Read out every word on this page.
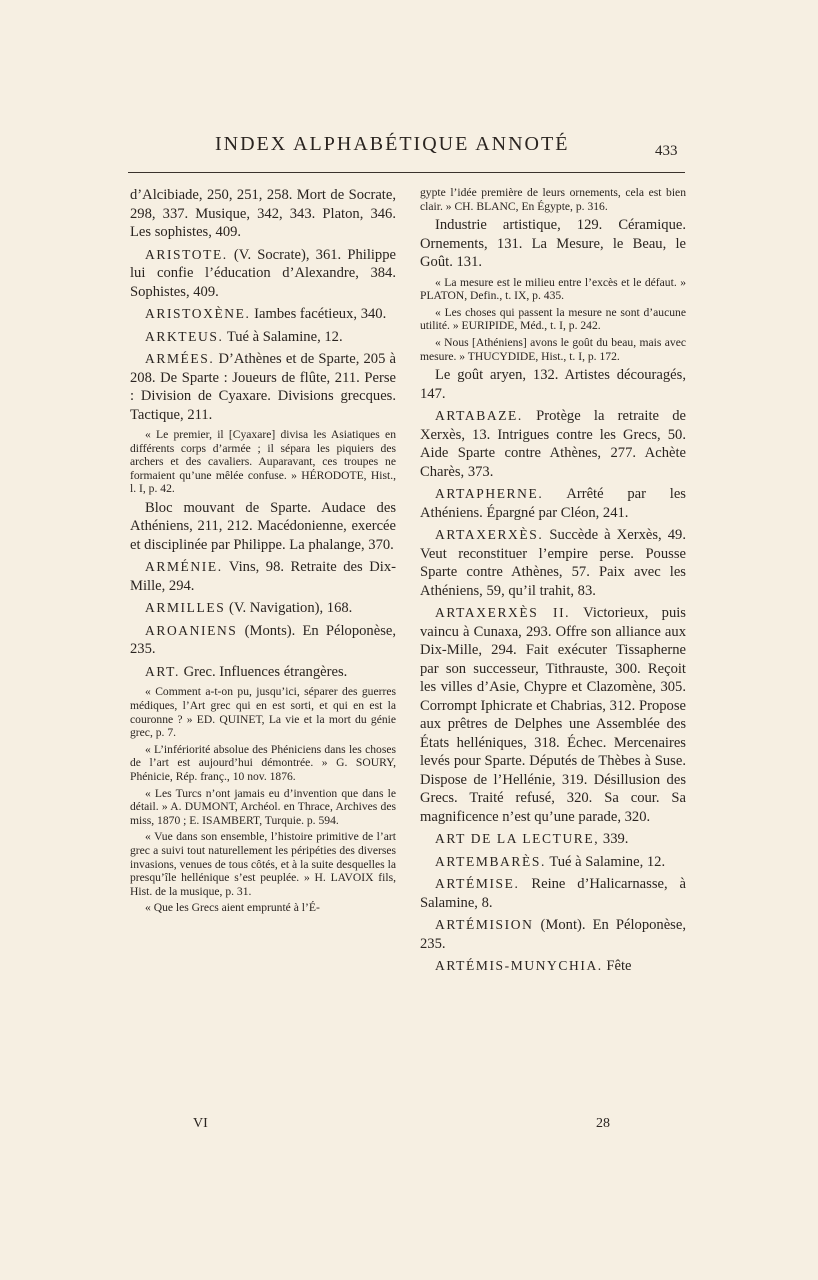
INDEX ALPHABÉTIQUE ANNOTÉ	433

d’Alcibiade, 250, 251, 258. Mort de Socrate, 298, 337. Musique, 342, 343. Platon, 346. Les sophistes, 409.

ARISTOTE. (V. Socrate), 361. Philippe lui confie l’éducation d’Alexandre, 384. Sophistes, 409.

ARISTOXÈNE. Iambes facétieux, 340.

ARKTEUS. Tué à Salamine, 12.

ARMÉES. D’Athènes et de Sparte, 205 à 208. De Sparte : Joueurs de flûte, 211. Perse : Division de Cyaxare. Divisions grecques. Tactique, 211.

« Le premier, il [Cyaxare] divisa les Asiatiques en différents corps d’armée ; il sépara les piquiers des archers et des cavaliers. Auparavant, ces troupes ne formaient qu’une mêlée confuse. » HÉRODOTE, Hist., l. I, p. 42.

Bloc mouvant de Sparte. Audace des Athéniens, 211, 212. Macédonienne, exercée et disciplinée par Philippe. La phalange, 370.

ARMÉNIE. Vins, 98. Retraite des Dix-Mille, 294.

ARMILLES (V. Navigation), 168.

AROANIENS (Monts). En Péloponèse, 235.

ART. Grec. Influences étrangères.

« Comment a-t-on pu, jusqu’ici, séparer des guerres médiques, l’Art grec qui en est sorti, et qui en est la couronne ? » ED. QUINET, La vie et la mort du génie grec, p. 7.

« L’infériorité absolue des Phéniciens dans les choses de l’art est aujourd’hui démontrée. » G. SOURY, Phénicie, Rép. franç., 10 nov. 1876.

« Les Turcs n’ont jamais eu d’invention que dans le détail. » A. DUMONT, Archéol. en Thrace, Archives des miss, 1870 ; E. ISAMBERT, Turquie. p. 594.

« Vue dans son ensemble, l’histoire primitive de l’art grec a suivi tout naturellement les péripéties des diverses invasions, venues de tous côtés, et à la suite desquelles la presqu’île hellénique s’est peuplée. » H. LAVOIX fils, Hist. de la musique, p. 31.

« Que les Grecs aient emprunté à l’É-

gypte l’idée première de leurs ornements, cela est bien clair. » CH. BLANC, En Égypte, p. 316.

Industrie artistique, 129. Céramique. Ornements, 131. La Mesure, le Beau, le Goût. 131.

« La mesure est le milieu entre l’excès et le défaut. » PLATON, Defin., t. IX, p. 435.

« Les choses qui passent la mesure ne sont d’aucune utilité. » EURIPIDE, Méd., t. I, p. 242.

« Nous [Athéniens] avons le goût du beau, mais avec mesure. » THUCYDIDE, Hist., t. I, p. 172.

Le goût aryen, 132. Artistes découragés, 147.

ARTABAZE. Protège la retraite de Xerxès, 13. Intrigues contre les Grecs, 50. Aide Sparte contre Athènes, 277. Achète Charès, 373.

ARTAPHERNE. Arrêté par les Athéniens. Épargné par Cléon, 241.

ARTAXERXÈS. Succède à Xerxès, 49. Veut reconstituer l’empire perse. Pousse Sparte contre Athènes, 57. Paix avec les Athéniens, 59, qu’il trahit, 83.

ARTAXERXÈS II. Victorieux, puis vaincu à Cunaxa, 293. Offre son alliance aux Dix-Mille, 294. Fait exécuter Tissapherne par son successeur, Tithrauste, 300. Reçoit les villes d’Asie, Chypre et Clazomène, 305. Corrompt Iphicrate et Chabrias, 312. Propose aux prêtres de Delphes une Assemblée des États helléniques, 318. Échec. Mercenaires levés pour Sparte. Députés de Thèbes à Suse. Dispose de l’Hellénie, 319. Désillusion des Grecs. Traité refusé, 320. Sa cour. Sa magnificence n’est qu’une parade, 320.

ART DE LA LECTURE, 339.

ARTEMBARÈS. Tué à Salamine, 12.

ARTÉMISE. Reine d’Halicarnasse, à Salamine, 8.

ARTÉMISION (Mont). En Péloponèse, 235.

ARTÉMIS-MUNYCHIA. Fête

VI	28
